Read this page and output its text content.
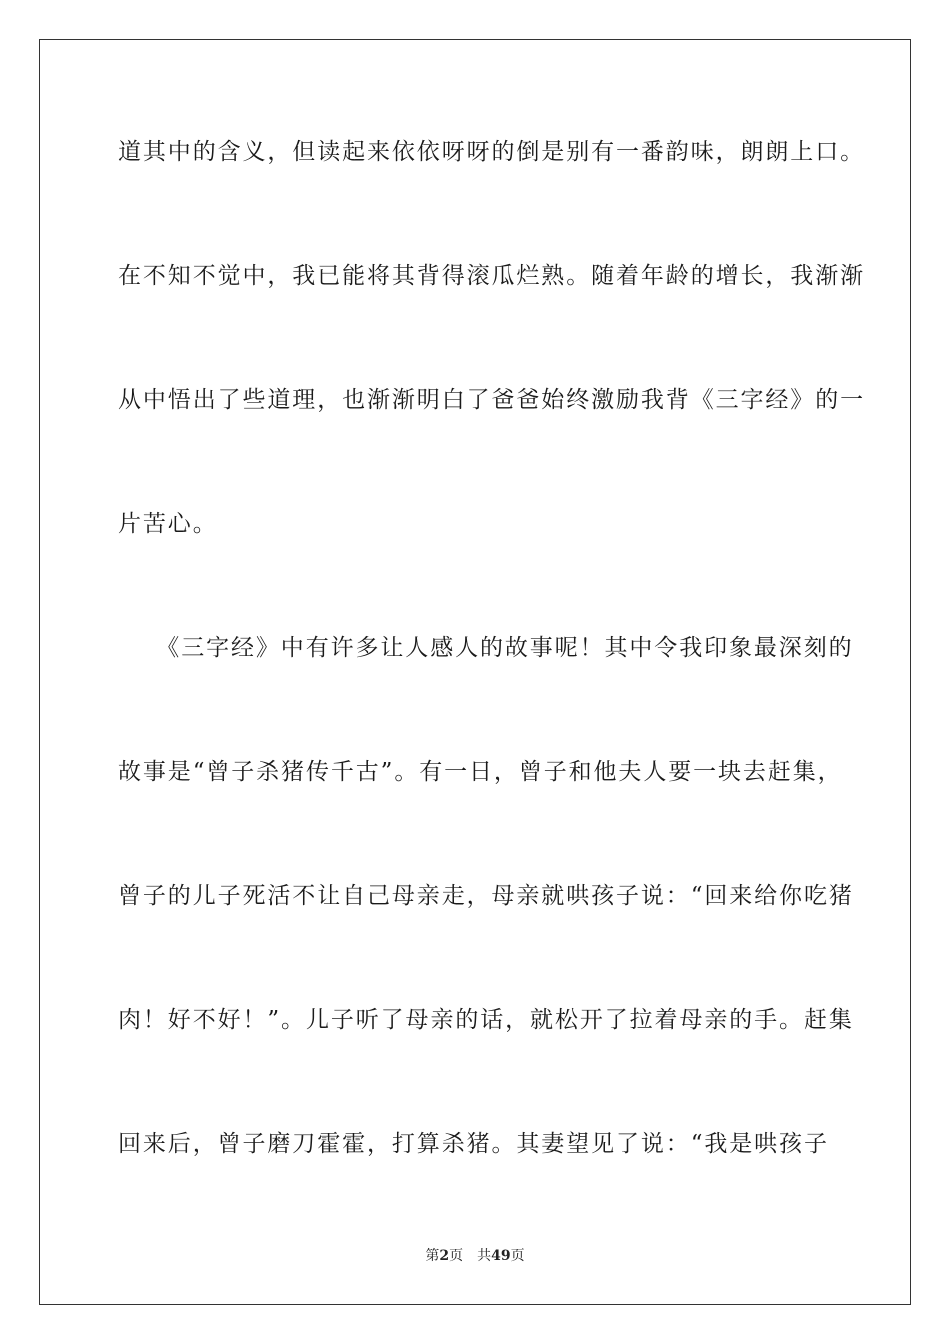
道其中的含义，但读起来依依呀呀的倒是别有一番韵味，朗朗上口。
在不知不觉中，我已能将其背得滚瓜烂熟。随着年龄的增长，我渐渐
从中悟出了些道理，也渐渐明白了爸爸始终激励我背《三字经》的一
片苦心。
　　《三字经》中有许多让人感人的故事呢！其中令我印象最深刻的
故事是“曾子杀猪传千古”。有一日，曾子和他夫人要一块去赶集，
曾子的儿子死活不让自己母亲走，母亲就哄孩子说：“回来给你吃猪
肉！好不好！”。儿子听了母亲的话，就松开了拉着母亲的手。赶集
回来后，曾子磨刀霍霍，打算杀猪。其妻望见了说：“我是哄孩子
第2页 共49页
